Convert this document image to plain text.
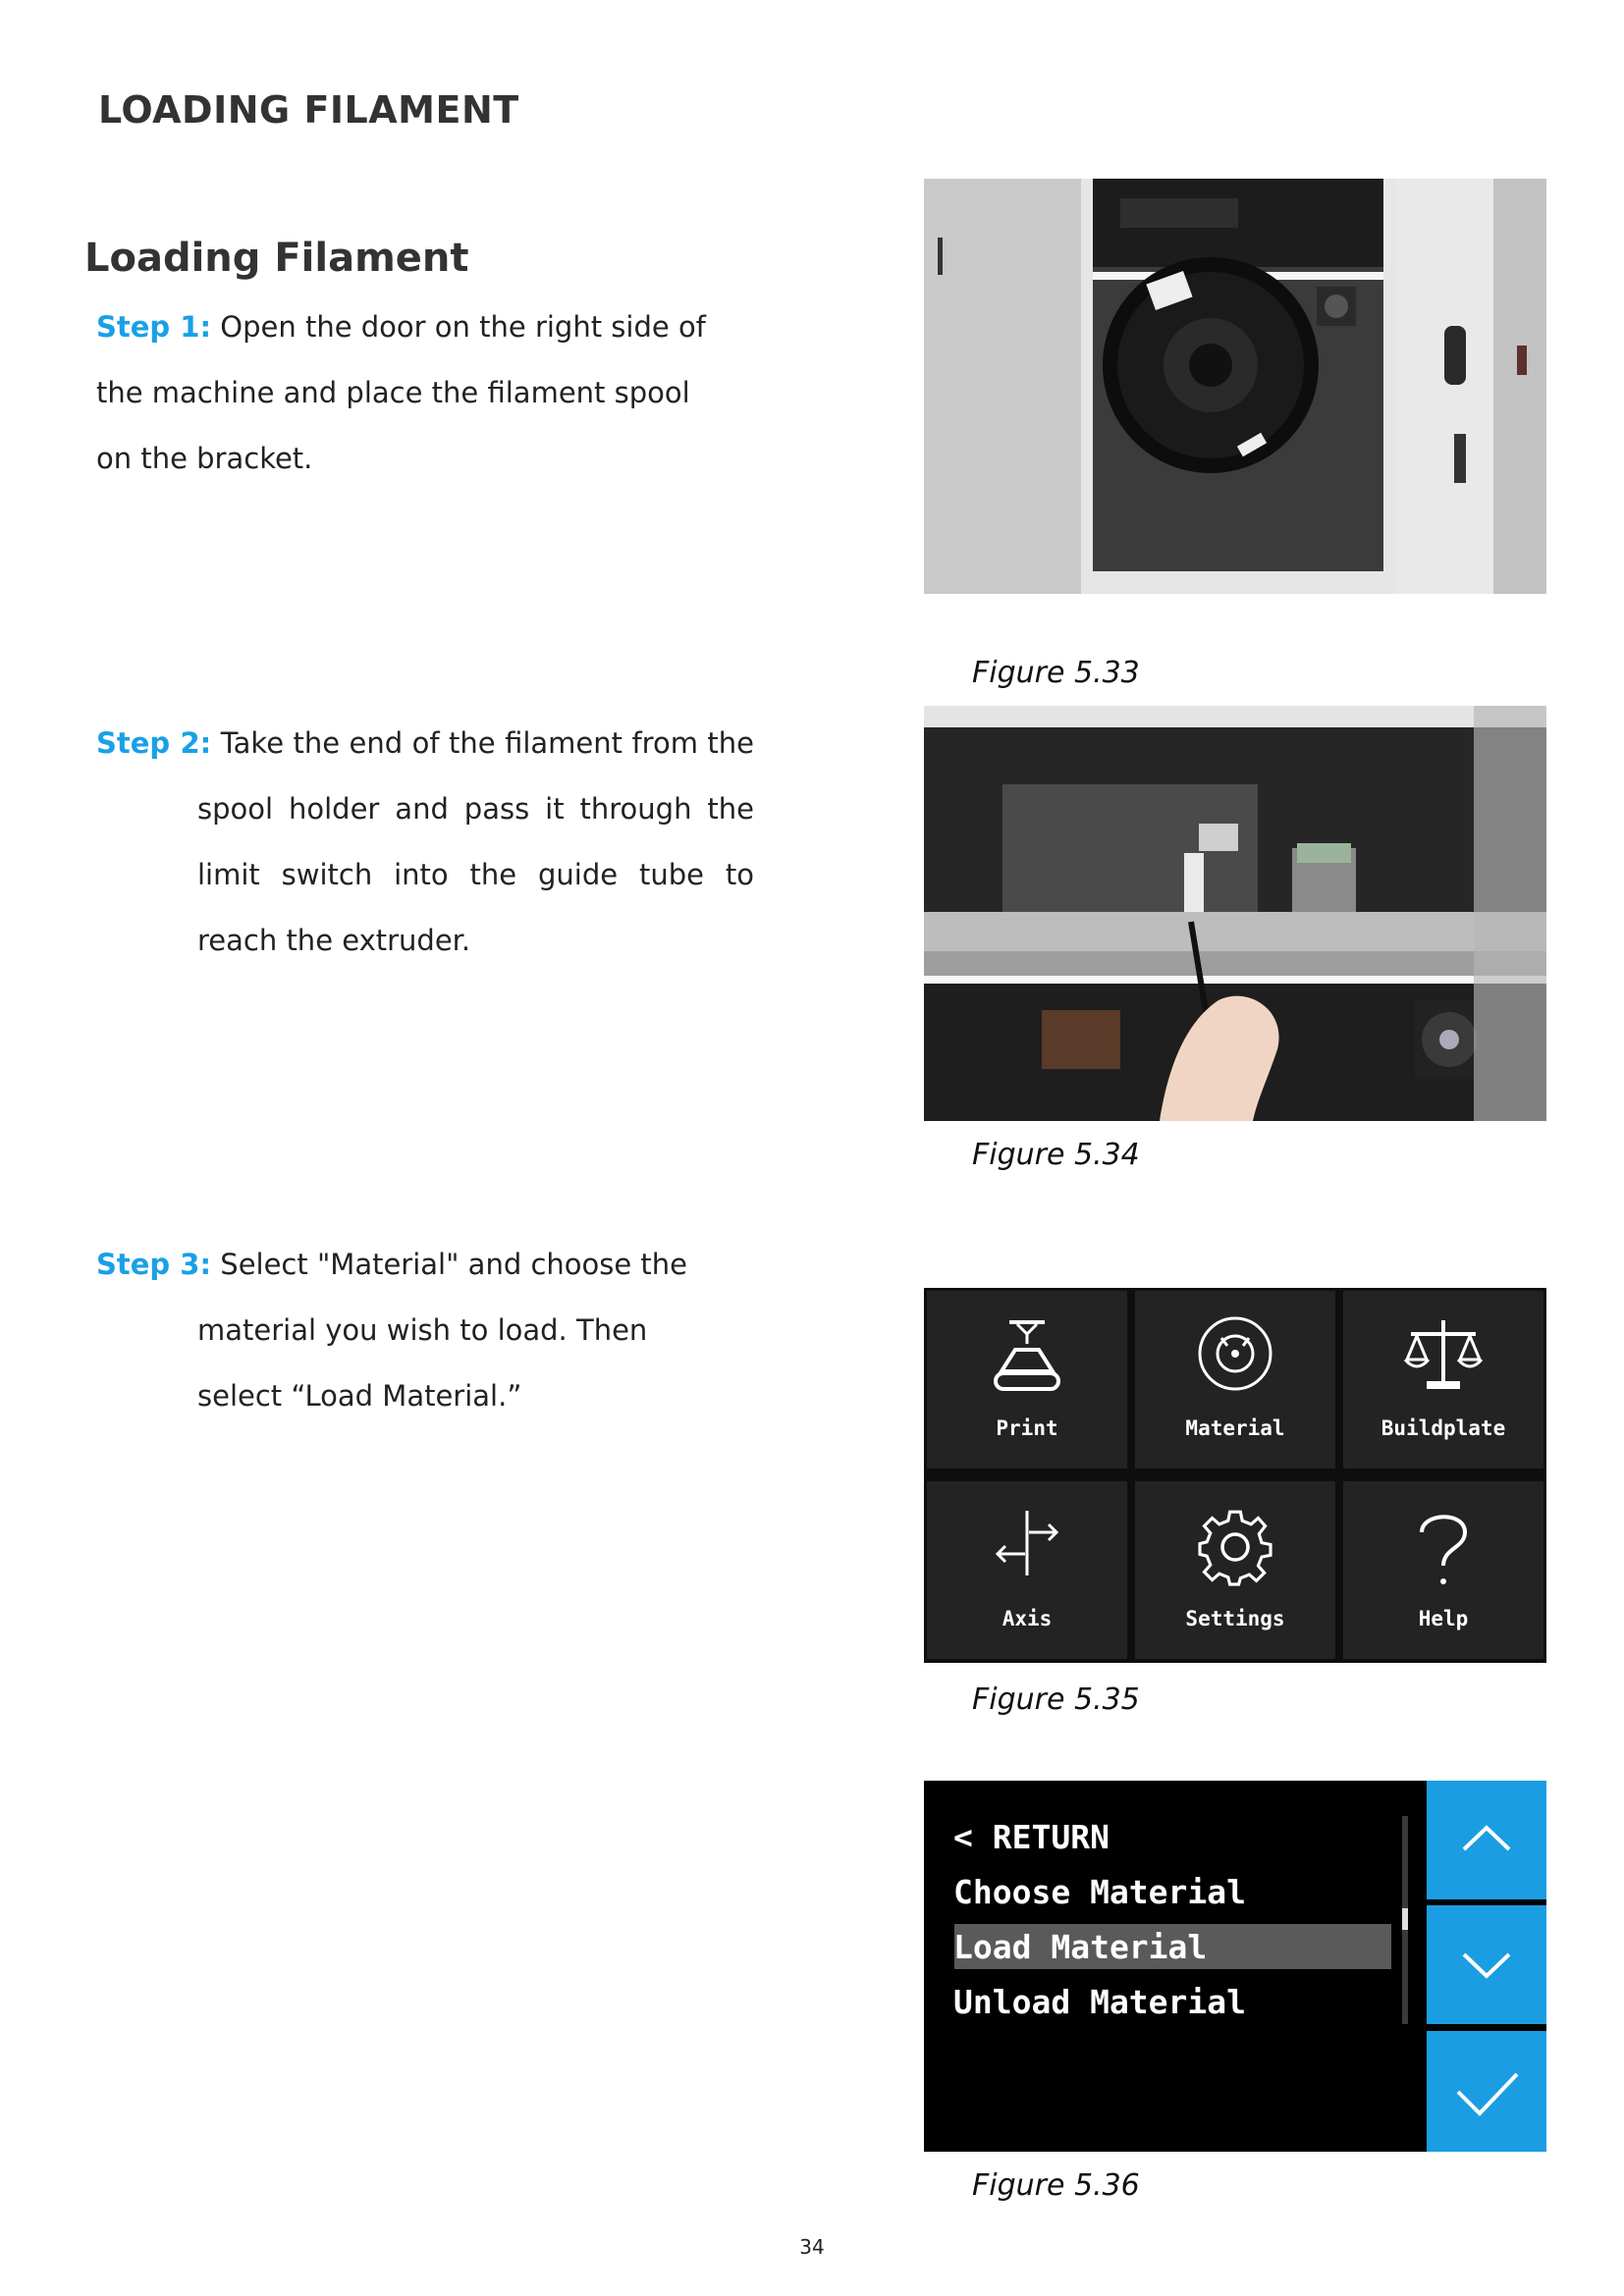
LOADING FILAMENT
Loading Filament
Step 1: Open the door on the right side of the machine and place the filament spool on the bracket.
Step 2: Take the end of the filament from the
spool holder and pass it through the limit switch into the guide tube to reach the extruder.
Step 3: Select "Material" and choose the
material you wish to load. Then select “Load Material.”
Figure 5.33
Figure 5.34
Print	Material	Buildplate
Axis	Settings	Help
Figure 5.35
< RETURN
Choose Material
Load Material
Unload Material
Figure 5.36
34
